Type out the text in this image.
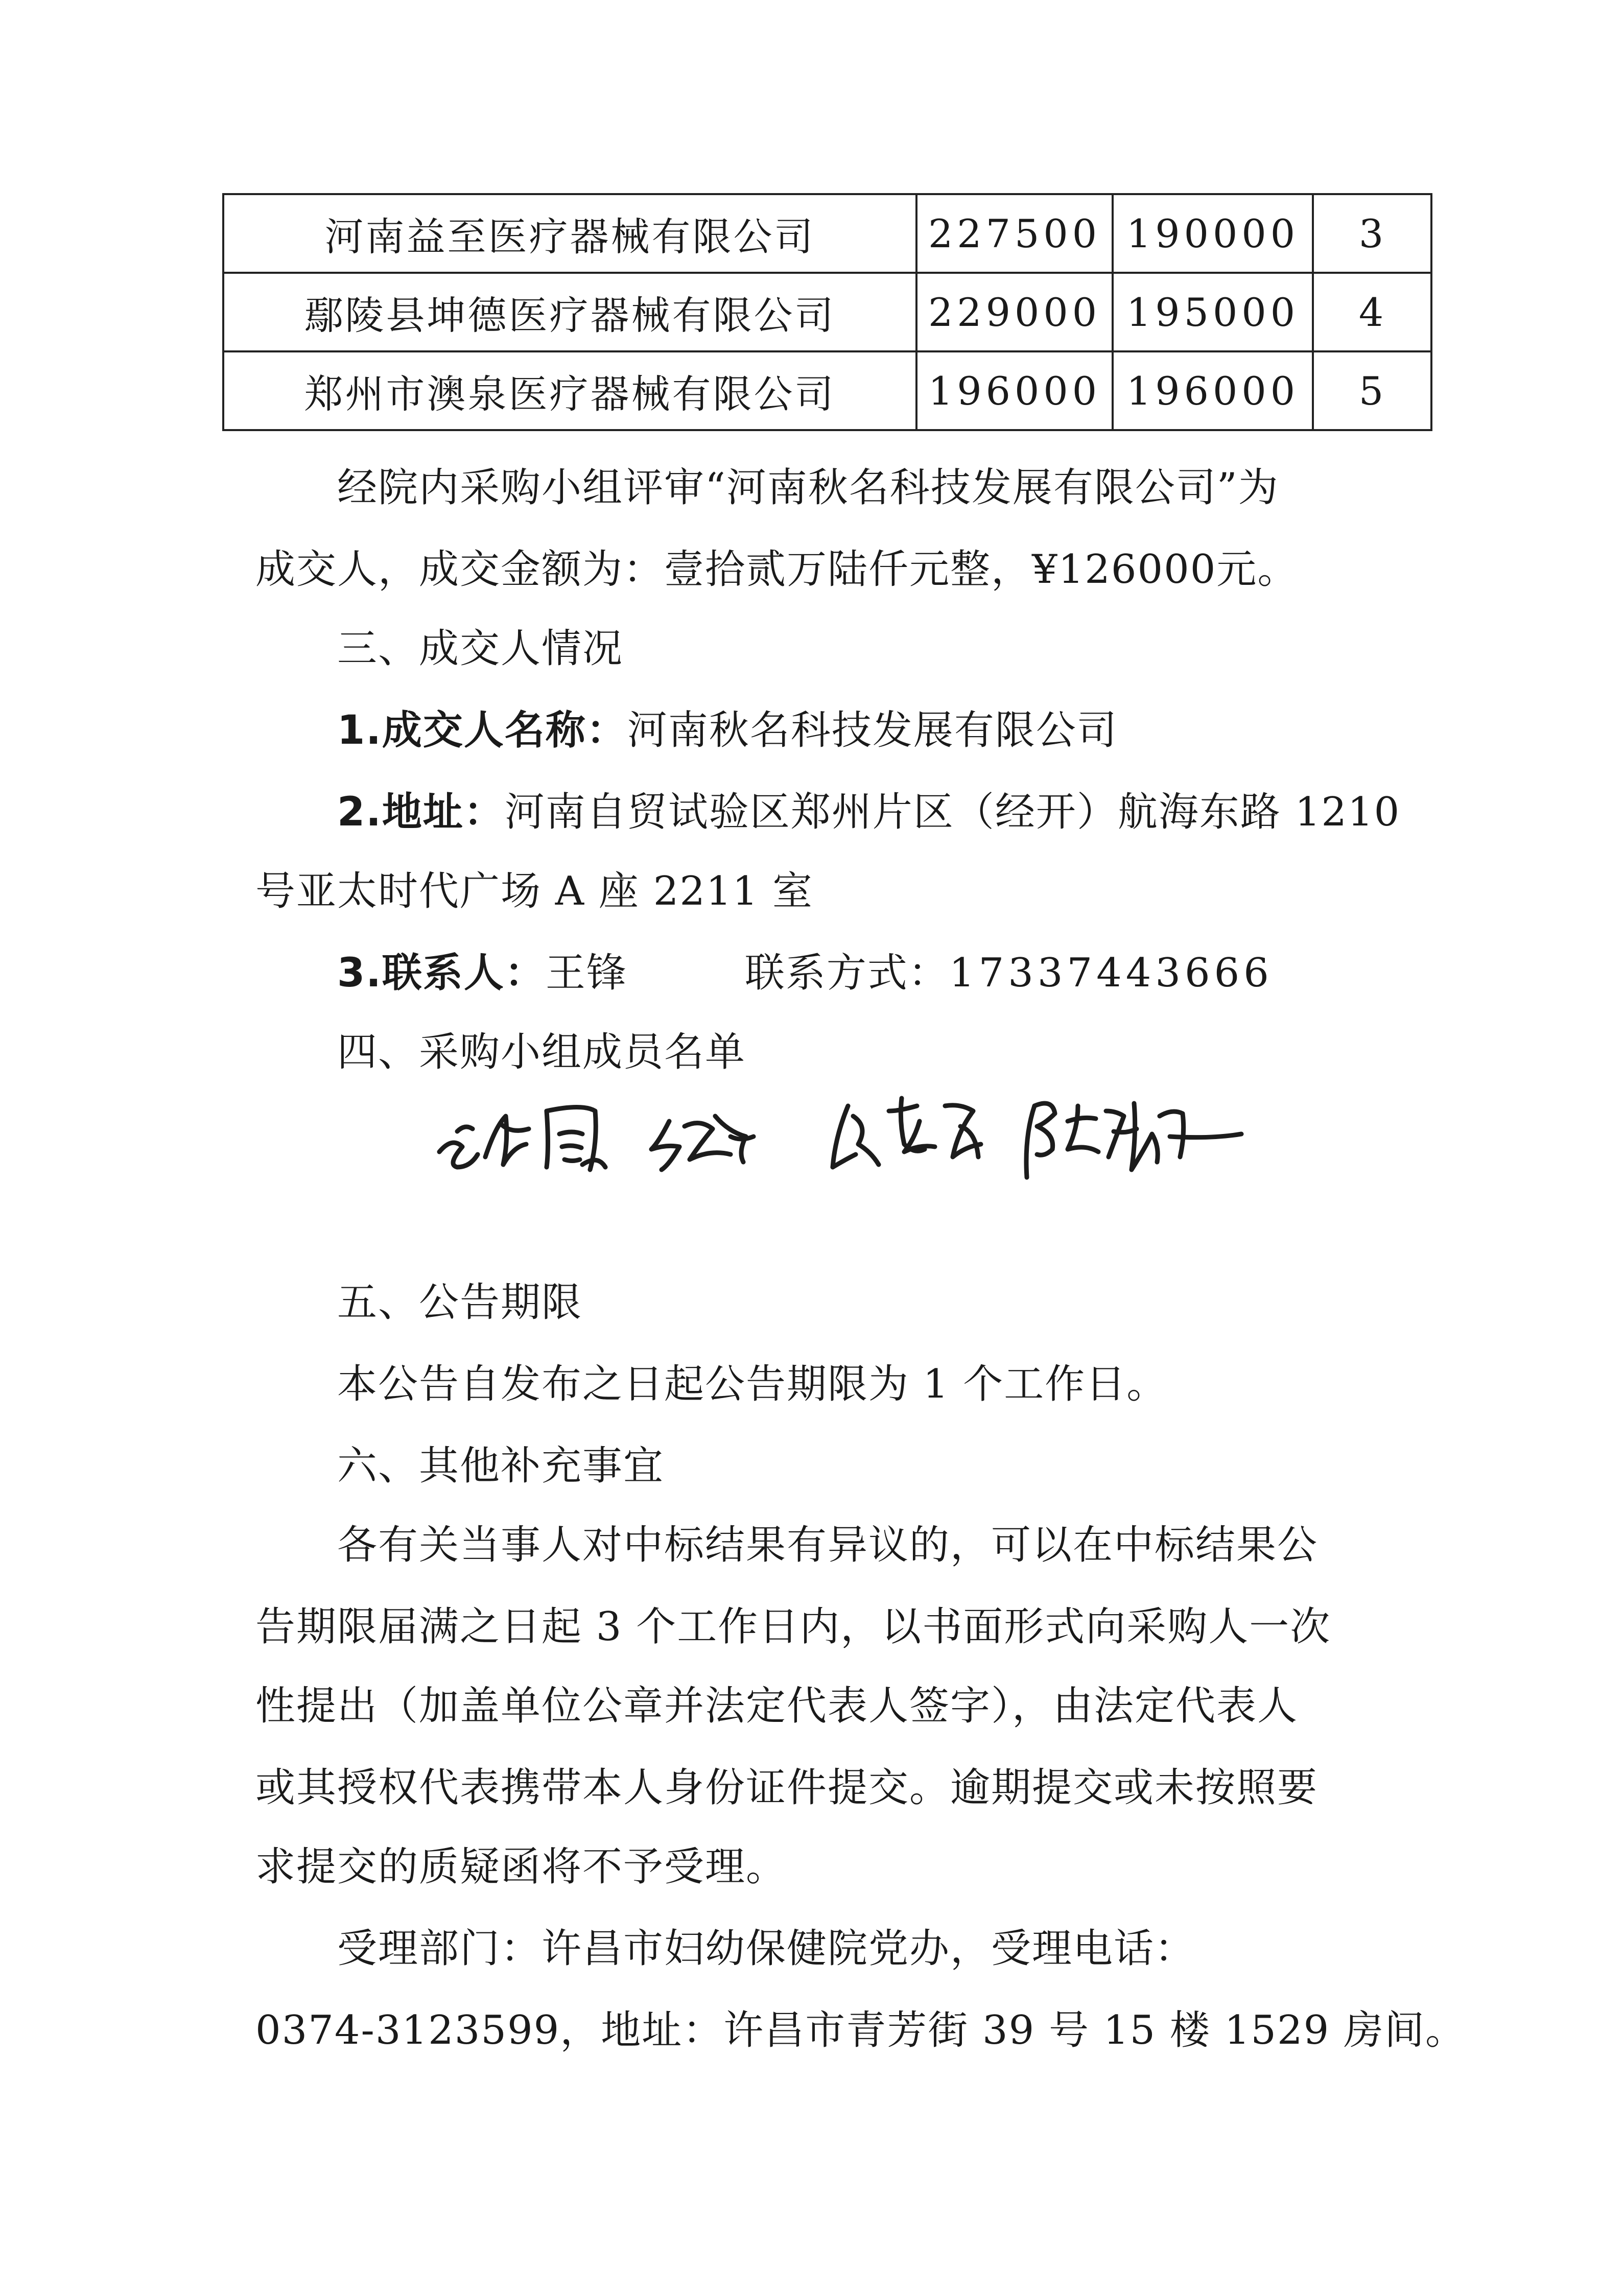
河南益至医疗器械有限公司	227500	190000	3
鄢陵县坤德医疗器械有限公司	229000	195000	4
郑州市澳泉医疗器械有限公司	196000	196000	5
经院内采购小组评审“河南秋名科技发展有限公司”为
成交人，成交金额为：壹拾贰万陆仟元整，¥126000元。
三、成交人情况
1.成交人名称：河南秋名科技发展有限公司
2.地址：河南自贸试验区郑州片区（经开）航海东路 1210
号亚太时代广场 A 座 2211 室
3.联系人：王锋	联系方式：17337443666
四、采购小组成员名单
五、公告期限
本公告自发布之日起公告期限为 1 个工作日。
六、其他补充事宜
各有关当事人对中标结果有异议的，可以在中标结果公
告期限届满之日起 3 个工作日内，以书面形式向采购人一次
性提出（加盖单位公章并法定代表人签字），由法定代表人
或其授权代表携带本人身份证件提交。逾期提交或未按照要
求提交的质疑函将不予受理。
受理部门：许昌市妇幼保健院党办，受理电话：
0374-3123599，地址：许昌市青芳街 39 号 15 楼 1529 房间。
